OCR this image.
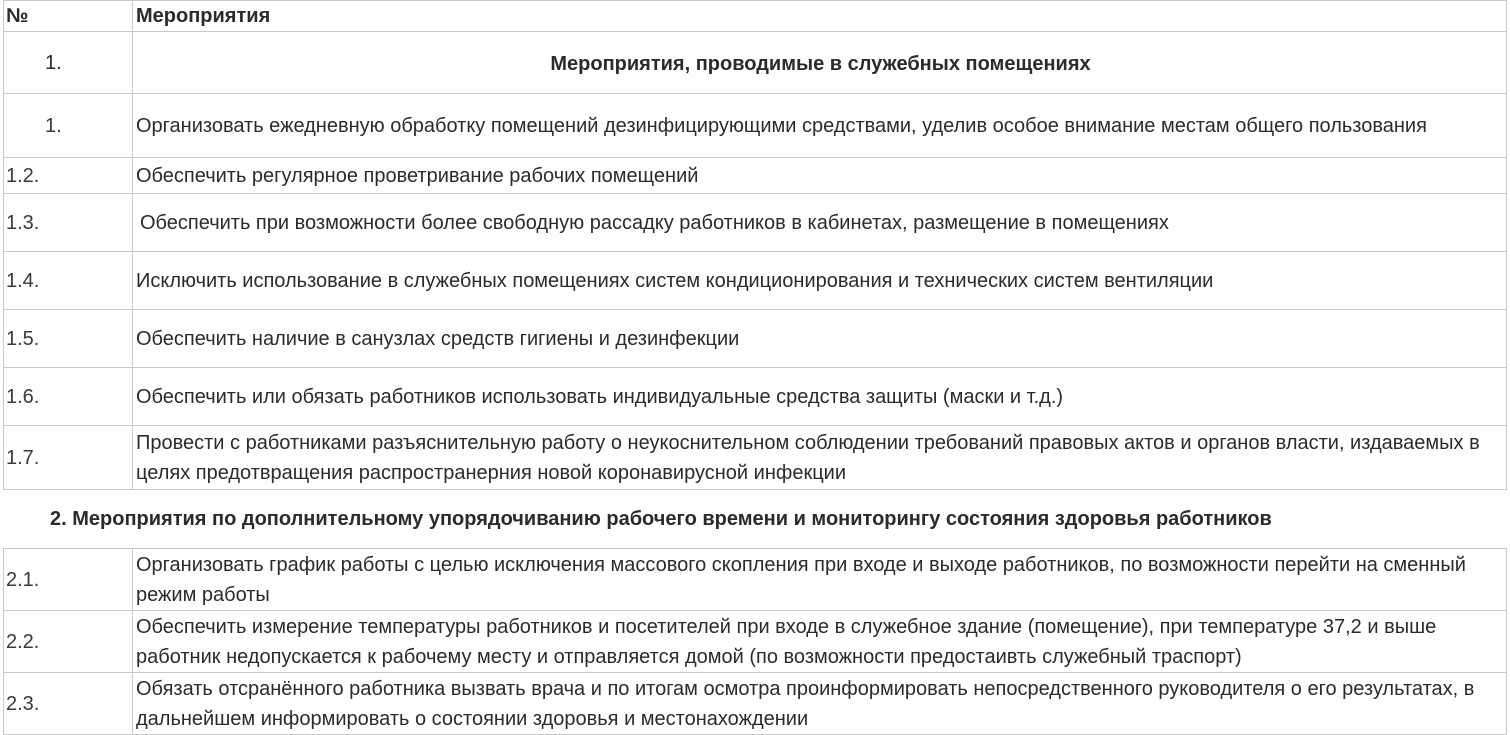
№	Мероприятия
1.	Мероприятия, проводимые в служебных помещениях
1.	Организовать ежедневную обработку помещений дезинфицирующими средствами, уделив особое внимание местам общего пользования
1.2.	Обеспечить регулярное проветривание рабочих помещений
1.3.	Обеспечить при возможности более свободную рассадку работников в кабинетах, размещение в помещениях
1.4.	Исключить использование в служебных помещениях систем кондиционирования и технических систем вентиляции
1.5.	Обеспечить наличие в санузлах средств гигиены и дезинфекции
1.6.	Обеспечить или обязать работников использовать индивидуальные средства защиты (маски и т.д.)
1.7.	Провести с работниками разъяснительную работу о неукоснительном соблюдении требований правовых актов и органов власти, издаваемых в целях предотвращения распространерния новой коронавирусной инфекции
2. Мероприятия по дополнительному упорядочиванию рабочего времени и мониторингу состояния здоровья работников	
2.1.	Организовать график работы с целью исключения массового скопления при входе и выходе работников, по возможности перейти на сменный режим работы
2.2.	Обеспечить измерение температуры работников и посетителей при входе в служебное здание (помещение), при температуре 37,2 и выше работник недопускается к рабочему месту и отправляется домой (по возможности предостаивть служебный траспорт)
2.3.	Обязать отсранённого работника вызвать врача и по итогам осмотра проинформировать непосредственного руководителя о его результатах, в дальнейшем информировать о состоянии здоровья и местонахождении
